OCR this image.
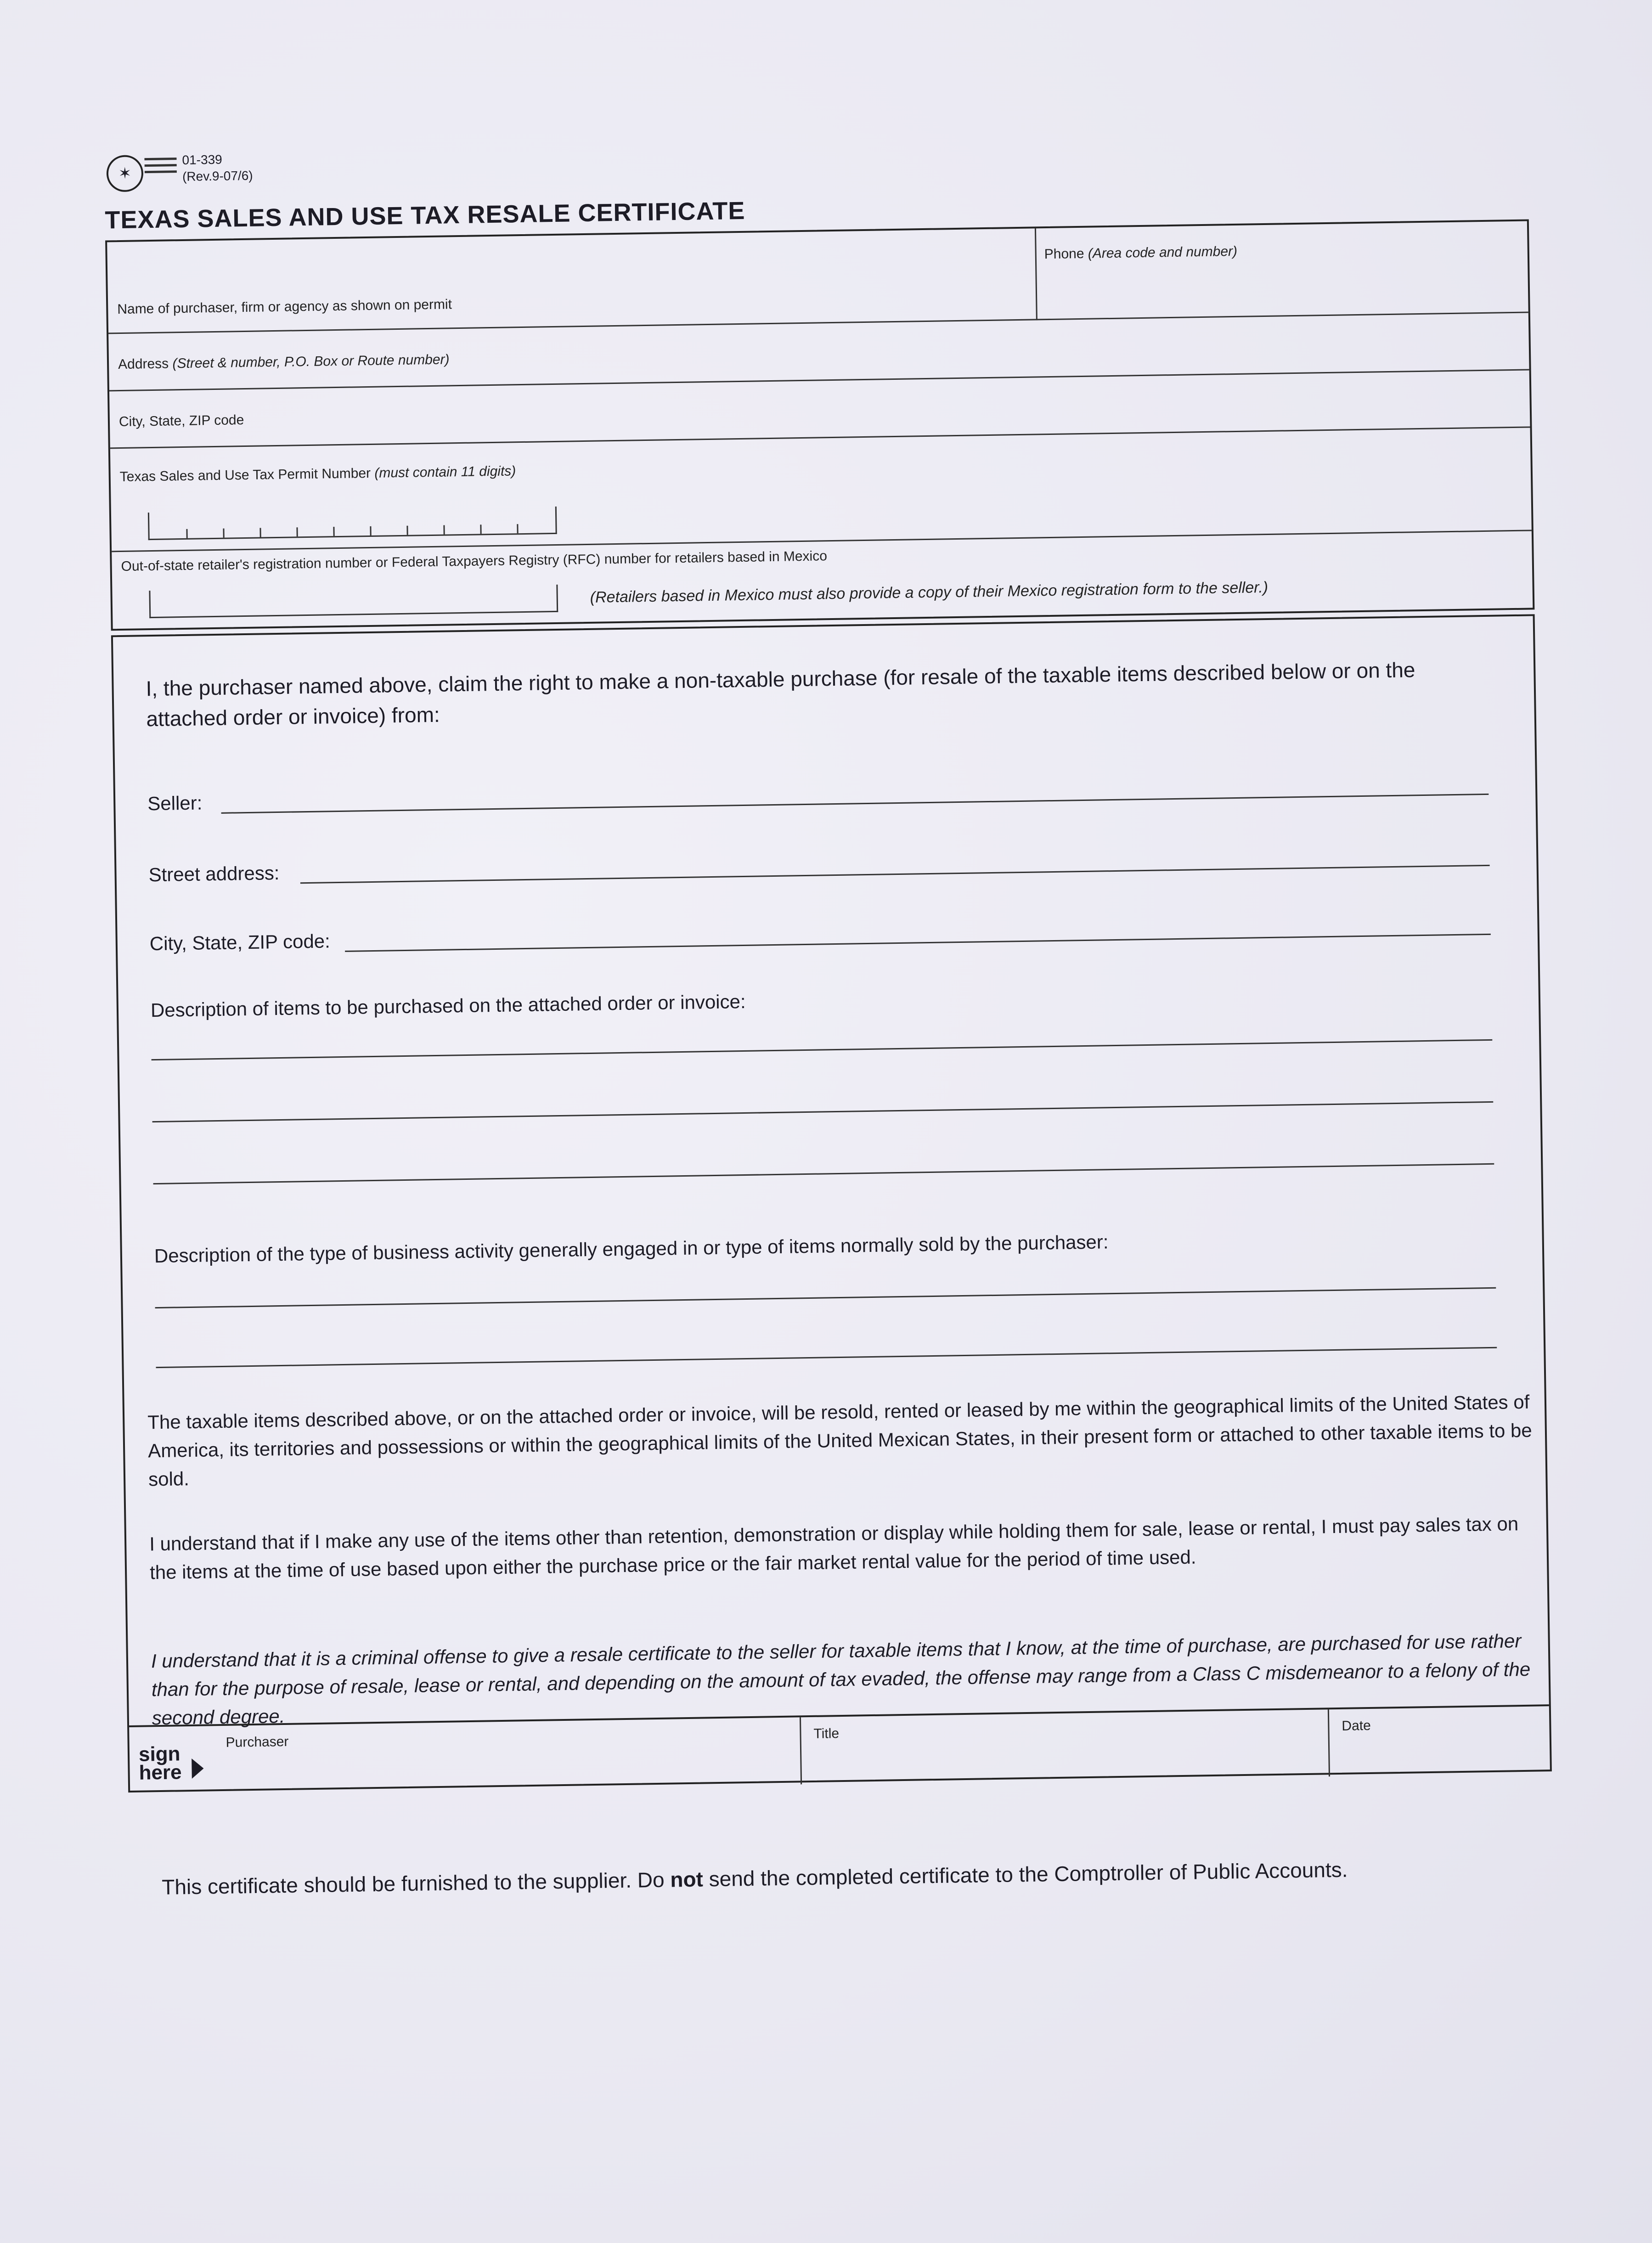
✶
01-339
(Rev.9-07/6)
TEXAS SALES AND USE TAX RESALE CERTIFICATE
Name of purchaser, firm or agency as shown on permit
Phone (Area code and number)
Address (Street & number, P.O. Box or Route number)
City, State, ZIP code
Texas Sales and Use Tax Permit Number (must contain 11 digits)
Out-of-state retailer's registration number or Federal Taxpayers Registry (RFC) number for retailers based in Mexico
(Retailers based in Mexico must also provide a copy of their Mexico registration form to the seller.)
I, the purchaser named above, claim the right to make a non-taxable purchase (for resale of the taxable items described below or on the attached order or invoice) from:
Seller:
Street address:
City, State, ZIP code:
Description of items to be purchased on the attached order or invoice:
Description of the type of business activity generally engaged in or type of items normally sold by the purchaser:
The taxable items described above, or on the attached order or invoice, will be resold, rented or leased by me within the geographical limits of the United States of America, its territories and possessions or within the geographical limits of the United Mexican States, in their present form or attached to other taxable items to be sold.
I understand that if I make any use of the items other than retention, demonstration or display while holding them for sale, lease or rental, I must pay sales tax on the items at the time of use based upon either the purchase price or the fair market rental value for the period of time used.
I understand that it is a criminal offense to give a resale certificate to the seller for taxable items that I know, at the time of purchase, are purchased for use rather than for the purpose of resale, lease or rental, and depending on the amount of tax evaded, the offense may range from a Class C misdemeanor to a felony of the second degree.
sign
here
Purchaser
Title
Date
This certificate should be furnished to the supplier. Do not send the completed certificate to the Comptroller of Public Accounts.
